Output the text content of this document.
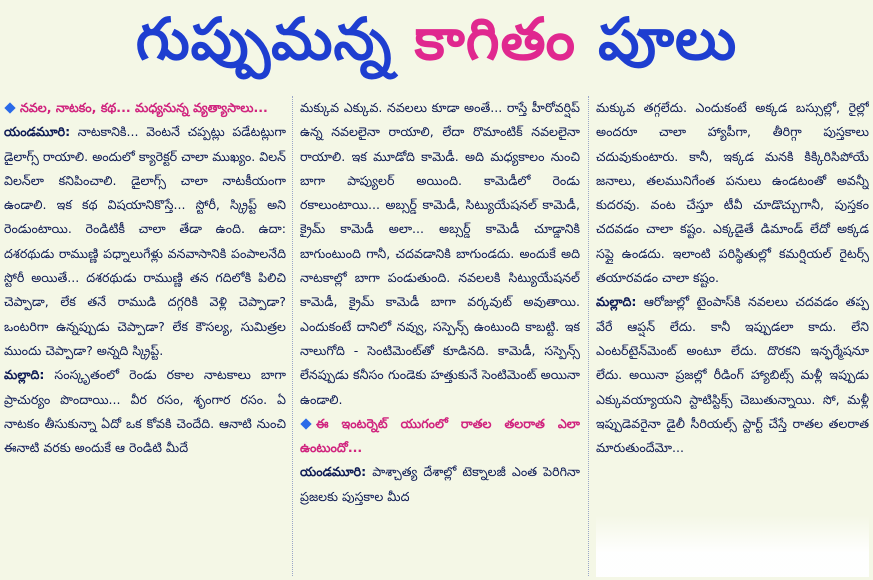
గుప్పుమన్న కాగితం పూలు

నవల, నాటకం, కథ... మధ్యనున్న వ్యత్యాసాలు...

యండమూరి: నాటకానికి... వెంటనే చప్పట్లు పడేటట్లుగా డైలాగ్స్ రాయాలి. అందులో క్యారెక్టర్ చాలా ముఖ్యం. విలన్ విలన్‌లా కనిపించాలి. డైలాగ్స్ చాలా నాటకీయంగా ఉండాలి. ఇక కథ విషయానికొస్తే... స్టోరీ, స్క్రిప్ట్ అని రెండుంటాయి. రెండిటికీ చాలా తేడా ఉంది. ఉదా: దశరథుడు రాముణ్ణి పధ్నాలుగేళ్లు వనవాసానికి పంపాలనేది స్టోరీ అయితే... దశరథుడు రాముణ్ణి తన గదిలోకి పిలిచి చెప్పాడా, లేక తనే రాముడి దగ్గరికి వెళ్లి చెప్పాడా? ఒంటరిగా ఉన్నప్పుడు చెప్పాడా? లేక కౌసల్య, సుమిత్రల ముందు చెప్పాడా? అన్నది స్క్రిప్ట్.

మల్లాది: సంస్కృతంలో రెండు రకాల నాటకాలు బాగా ప్రాచుర్యం పొందాయి... వీర రసం, శృంగార రసం. ఏ నాటకం తీసుకున్నా ఏదో ఒక కోవకి చెందేది. ఆనాటి నుంచి ఈనాటి వరకు అందుకే ఆ రెండిటి మీదే

మక్కువ ఎక్కువ. నవలలు కూడా అంతే... రాస్తే హీరోవర్షిప్ ఉన్న నవలలైనా రాయాలి, లేదా రొమాంటిక్ నవలలైనా రాయాలి. ఇక మూడోది కామెడీ. అది మధ్యకాలం నుంచి బాగా పాప్యులర్ అయింది. కామెడీలో రెండు రకాలుంటాయి... అబ్సర్డ్ కామెడీ, సిట్యుయేషనల్ కామెడీ, క్రైమ్ కామెడీ అలా... అబ్సర్డ్ కామెడీ చూడ్డానికి బాగుంటుంది గానీ, చదవడానికి బాగుండదు. అందుకే అది నాటకాల్లో బాగా పండుతుంది. నవలలకి సిట్యుయేషనల్ కామెడీ, క్రైమ్ కామెడీ బాగా వర్కవుట్ అవుతాయి. ఎందుకంటే దానిలో నవ్వు, సస్పెన్స్ ఉంటుంది కాబట్టి. ఇక నాలుగోది - సెంటిమెంట్‌తో కూడినది. కామెడీ, సస్పెన్స్ లేనప్పుడు కనీసం గుండెకు హత్తుకునే సెంటిమెంట్ అయినా ఉండాలి.

ఈ ఇంటర్నెట్ యుగంలో రాతల తలరాత ఎలా ఉంటుందో...

యండమూరి: పాశ్చాత్య దేశాల్లో టెక్నాలజీ ఎంత పెరిగినా ప్రజలకు పుస్తకాల మీద

మక్కువ తగ్గలేదు. ఎందుకంటే అక్కడ బస్సుల్లో, రైల్లో అందరూ చాలా హ్యాపీగా, తీరిగ్గా పుస్తకాలు చదువుకుంటారు. కానీ, ఇక్కడ మనకి కిక్కిరిసిపోయే జనాలు, తలమునిగేంత పనులు ఉండటంతో అవన్నీ కుదరవు. వంట చేస్తూ టీవీ చూడొచ్చుగానీ, పుస్తకం చదవడం చాలా కష్టం. ఎక్కడైతే డిమాండ్ లేదో అక్కడ సప్లై ఉండదు. ఇలాంటి పరిస్థితుల్లో కమర్షియల్ రైటర్స్ తయారవడం చాలా కష్టం.

మల్లాది: ఆరోజుల్లో టైంపాస్‌కి నవలలు చదవడం తప్ప వేరే ఆప్షన్ లేదు. కానీ ఇప్పుడలా కాదు. లేని ఎంటర్‌టైన్‌మెంట్ అంటూ లేదు. దొరకని ఇన్ఫర్మేషనూ లేదు. అయినా ప్రజల్లో రీడింగ్ హ్యాబిట్స్ మళ్లీ ఇప్పుడు ఎక్కువయ్యాయని స్టాటిస్టిక్స్ చెబుతున్నాయి. సో, మళ్లీ ఇప్పుడెవరైనా డైలీ సీరియల్స్ స్టార్ట్ చేస్తే రాతల తలరాత మారుతుందేమో...
